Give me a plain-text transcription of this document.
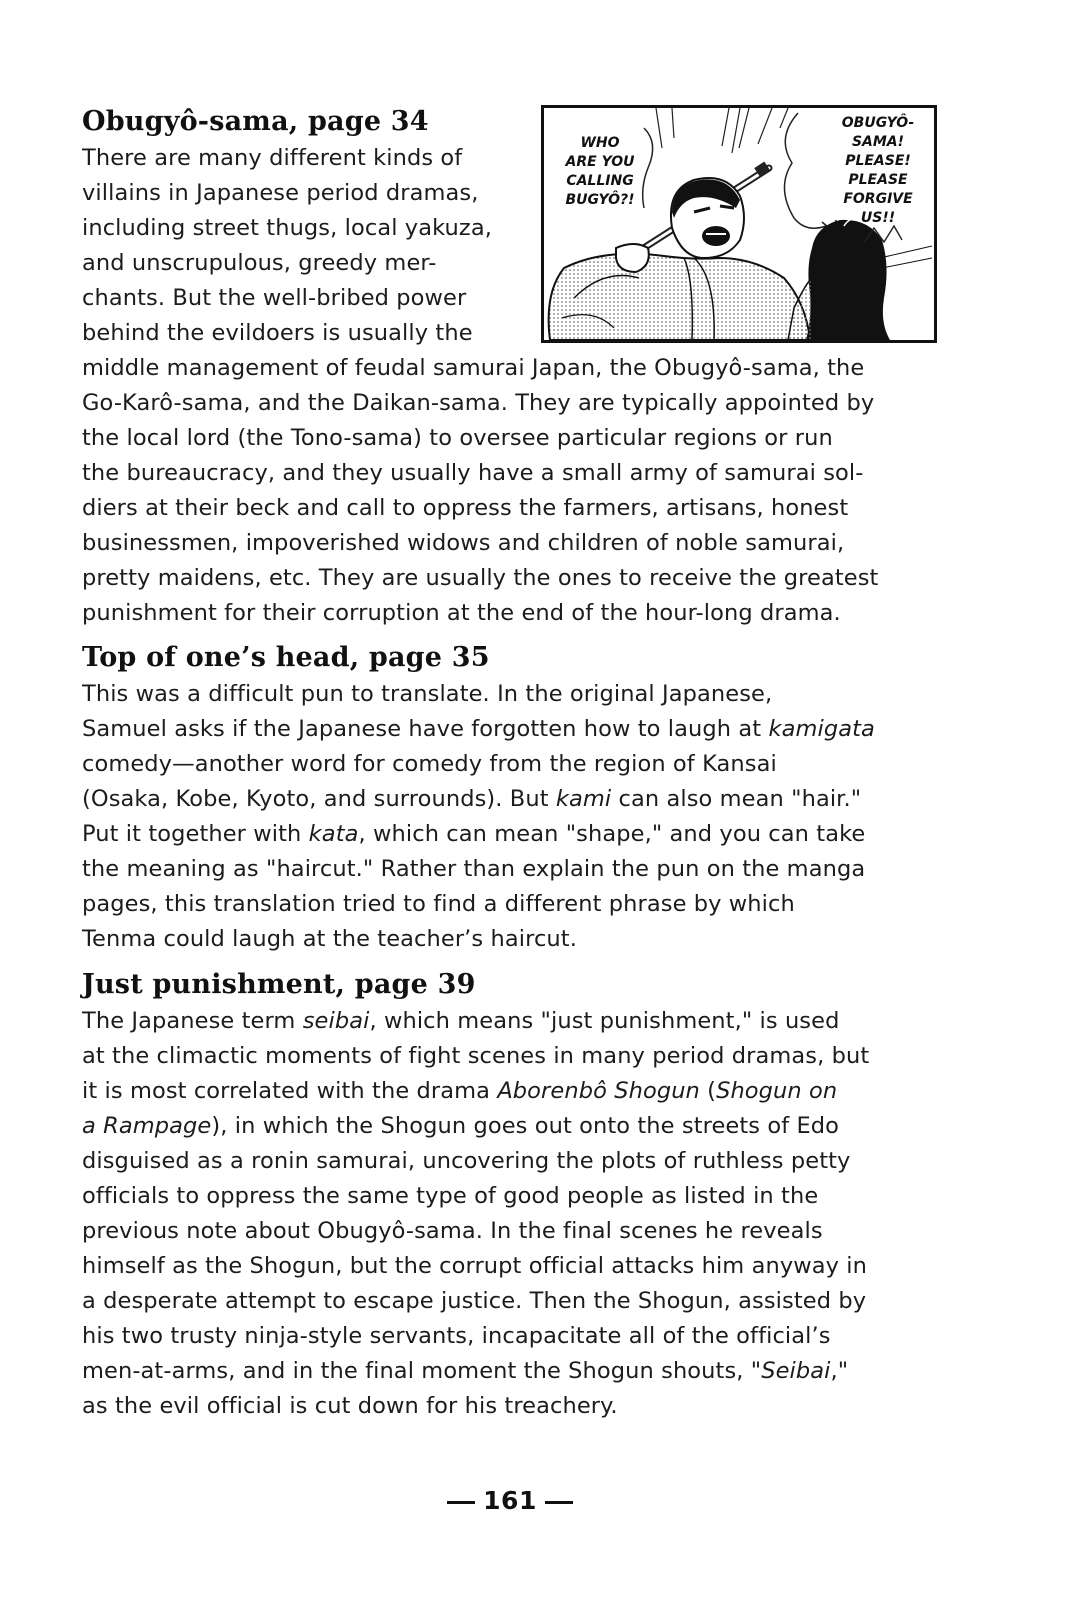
Obugyô-sama, page 34
There are many different kinds of
villains in Japanese period dramas,
including street thugs, local yakuza,
and unscrupulous, greedy mer-
chants. But the well-bribed power
behind the evildoers is usually the
middle management of feudal samurai Japan, the Obugyô-sama, the
Go-Karô-sama, and the Daikan-sama. They are typically appointed by
the local lord (the Tono-sama) to oversee particular regions or run
the bureaucracy, and they usually have a small army of samurai sol-
diers at their beck and call to oppress the farmers, artisans, honest
businessmen, impoverished widows and children of noble samurai,
pretty maidens, etc. They are usually the ones to receive the greatest
punishment for their corruption at the end of the hour-long drama.
WHO
ARE YOU
CALLING
BUGYÔ?!
OBUGYÔ-
SAMA!
PLEASE!
PLEASE
FORGIVE
US!!
Top of one’s head, page 35
This was a difficult pun to translate. In the original Japanese,
Samuel asks if the Japanese have forgotten how to laugh at kamigata
comedy—another word for comedy from the region of Kansai
(Osaka, Kobe, Kyoto, and surrounds). But kami can also mean "hair."
Put it together with kata, which can mean "shape," and you can take
the meaning as "haircut." Rather than explain the pun on the manga
pages, this translation tried to find a different phrase by which
Tenma could laugh at the teacher’s haircut.
Just punishment, page 39
The Japanese term seibai, which means "just punishment," is used
at the climactic moments of fight scenes in many period dramas, but
it is most correlated with the drama Aborenbô Shogun (Shogun on
a Rampage), in which the Shogun goes out onto the streets of Edo
disguised as a ronin samurai, uncovering the plots of ruthless petty
officials to oppress the same type of good people as listed in the
previous note about Obugyô-sama. In the final scenes he reveals
himself as the Shogun, but the corrupt official attacks him anyway in
a desperate attempt to escape justice. Then the Shogun, assisted by
his two trusty ninja-style servants, incapacitate all of the official’s
men-at-arms, and in the final moment the Shogun shouts, "Seibai,"
as the evil official is cut down for his treachery.
161
